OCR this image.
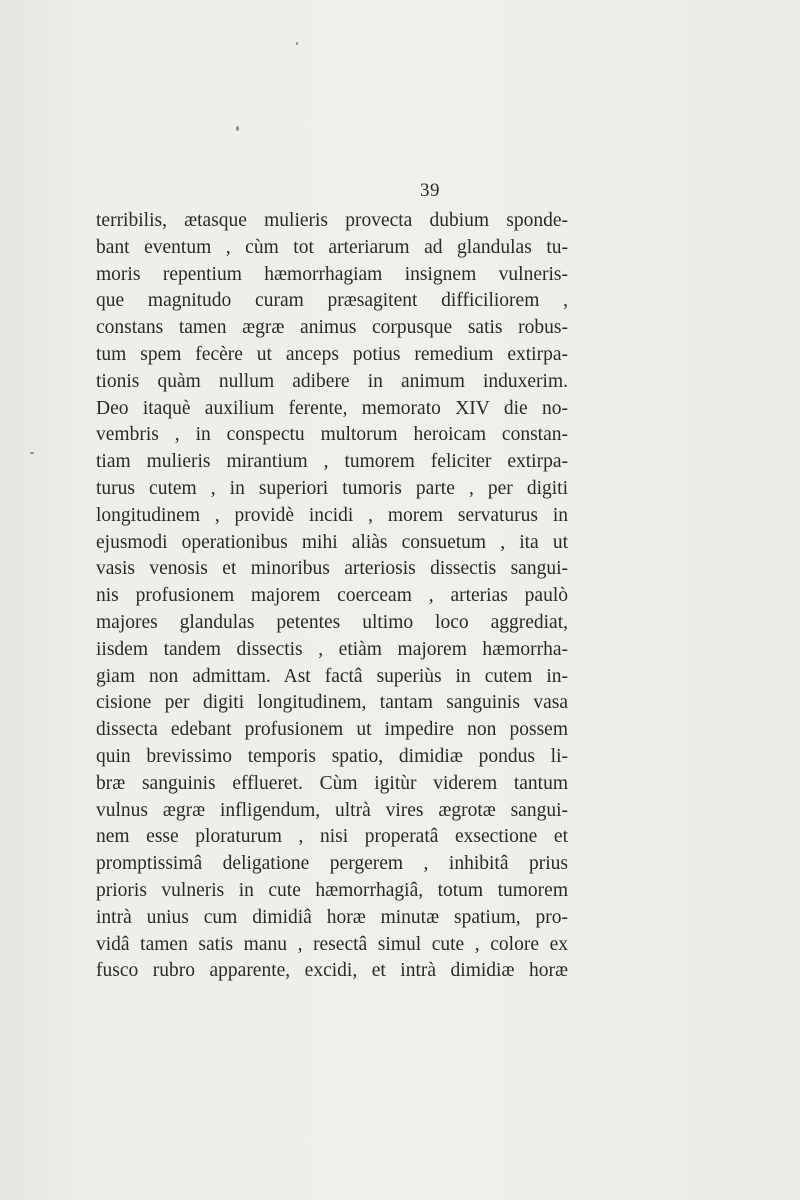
39
terribilis, ætasque mulieris provecta dubium sponde-
bant eventum , cùm tot arteriarum ad glandulas tu-
moris repentium hæmorrhagiam insignem vulneris-
que magnitudo curam præsagitent difficiliorem ,
constans tamen ægræ animus corpusque satis robus-
tum spem fecère ut anceps potius remedium extirpa-
tionis quàm nullum adibere in animum induxerim.
Deo itaquè auxilium ferente, memorato XIV die no-
vembris , in conspectu multorum heroicam constan-
tiam mulieris mirantium , tumorem feliciter extirpa-
turus cutem , in superiori tumoris parte , per digiti
longitudinem , providè incidi , morem servaturus in
ejusmodi operationibus mihi aliàs consuetum , ita ut
vasis venosis et minoribus arteriosis dissectis sangui-
nis profusionem majorem coerceam , arterias paulò
majores glandulas petentes ultimo loco aggrediat,
iisdem tandem dissectis , etiàm majorem hæmorrha-
giam non admittam. Ast factâ superiùs in cutem in-
cisione per digiti longitudinem, tantam sanguinis vasa
dissecta edebant profusionem ut impedire non possem
quin brevissimo temporis spatio, dimidiæ pondus li-
bræ sanguinis efflueret. Cùm igitùr viderem tantum
vulnus ægræ infligendum, ultrà vires ægrotæ sangui-
nem esse ploraturum , nisi properatâ exsectione et
promptissimâ deligatione pergerem , inhibitâ prius
prioris vulneris in cute hæmorrhagiâ, totum tumorem
intrà unius cum dimidiâ horæ minutæ spatium, pro-
vidâ tamen satis manu , resectâ simul cute , colore ex
fusco rubro apparente, excidi, et intrà dimidiæ horæ
